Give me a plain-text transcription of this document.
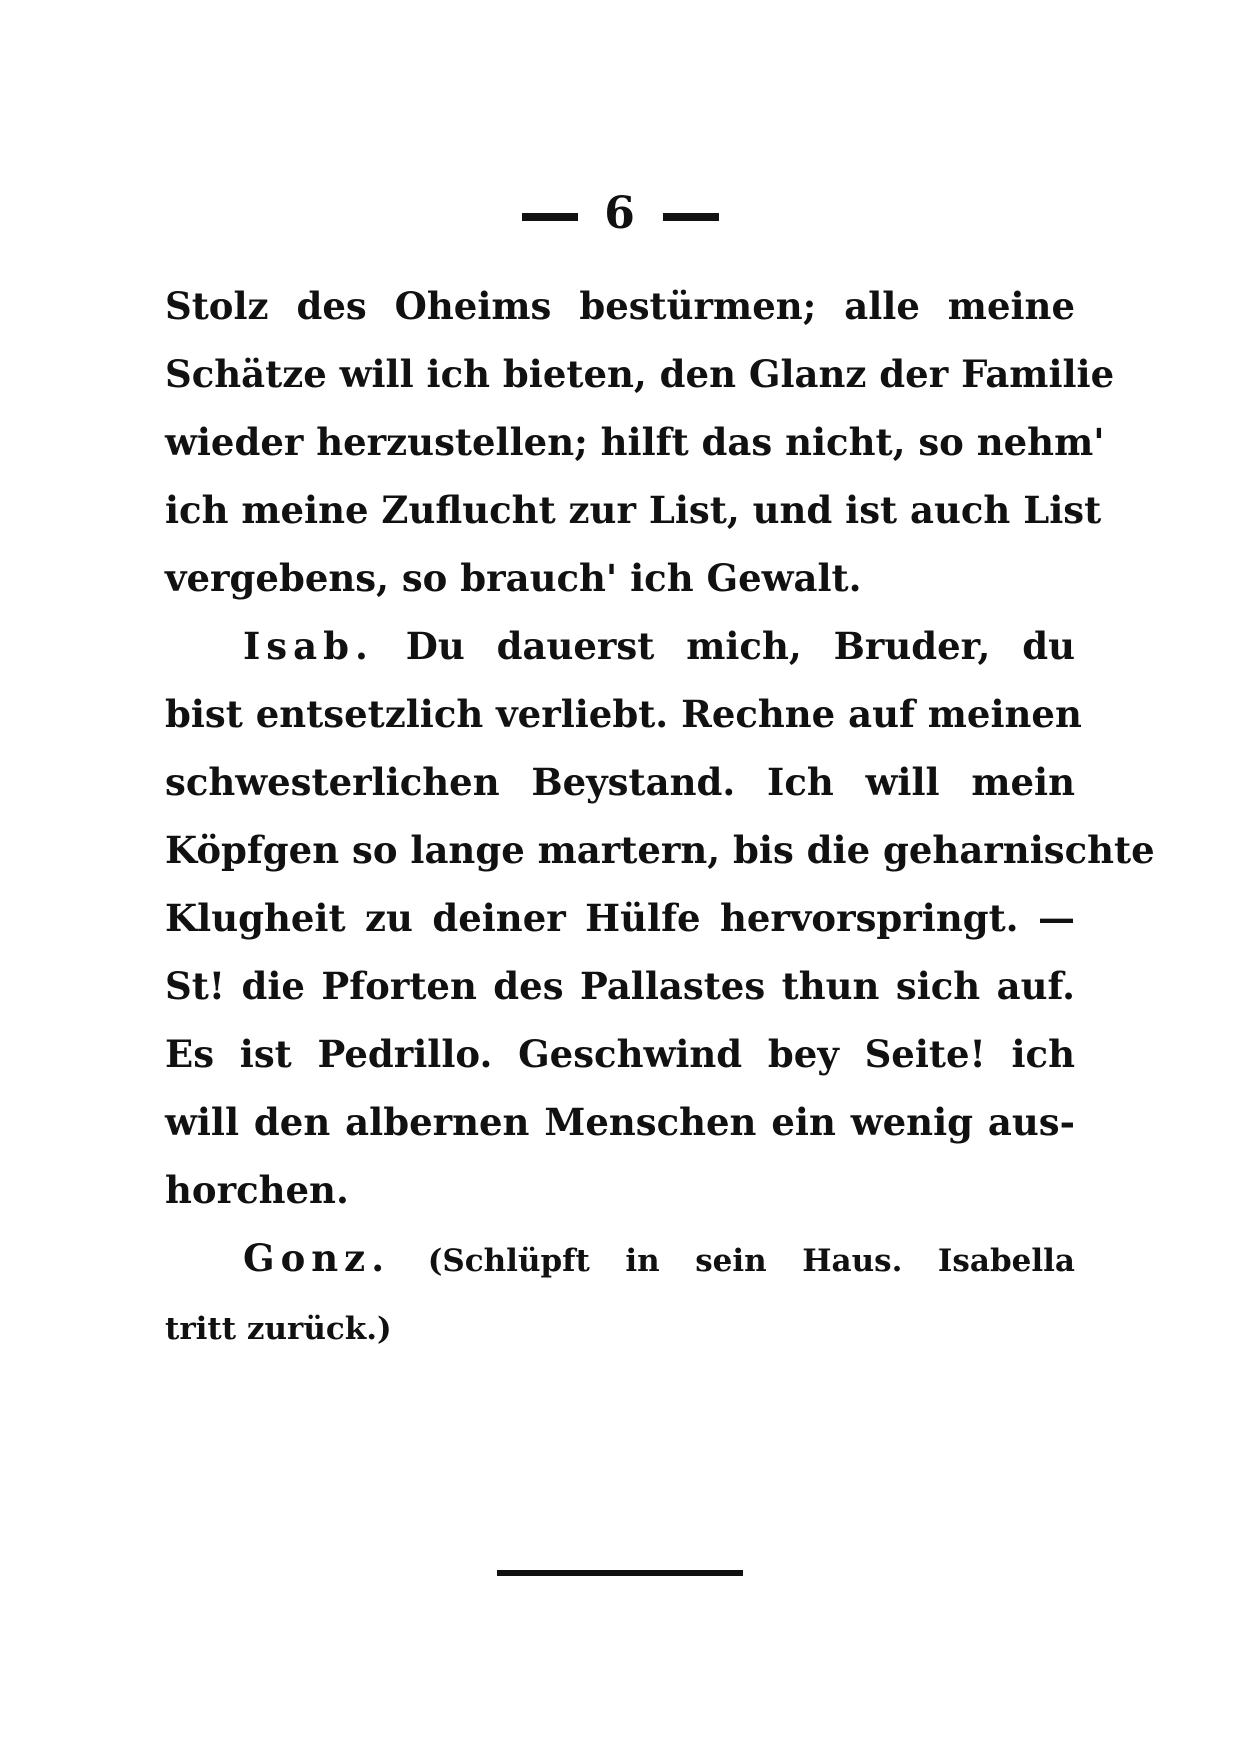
6
Stolz des Oheims bestürmen; alle meine
Schätze will ich bieten, den Glanz der Familie
wieder herzustellen; hilft das nicht, so nehm'
ich meine Zuflucht zur List, und ist auch List
vergebens, so brauch' ich Gewalt.
Isab. Du dauerst mich, Bruder, du
bist entsetzlich verliebt. Rechne auf meinen
schwesterlichen Beystand. Ich will mein
Köpfgen so lange martern, bis die geharnischte
Klugheit zu deiner Hülfe hervorspringt. —
St! die Pforten des Pallastes thun sich auf.
Es ist Pedrillo. Geschwind bey Seite! ich
will den albernen Menschen ein wenig aus-
horchen.
Gonz. (Schlüpft in sein Haus. Isabella
tritt zurück.)
